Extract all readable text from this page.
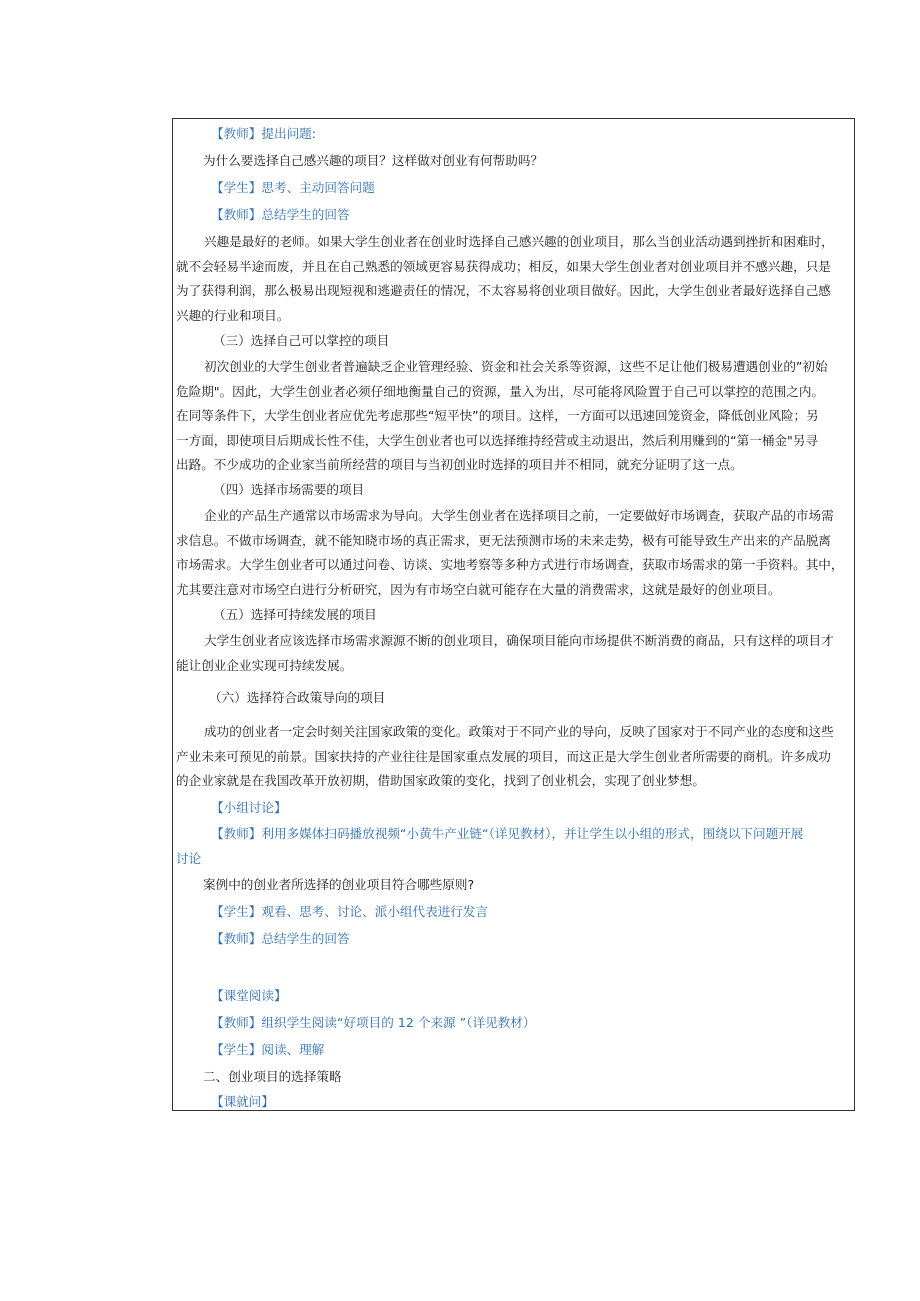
【教师】提出问题:
为什么要选择自己感兴趣的项目？这样做对创业有何帮助吗？
【学生】思考、主动回答问题
【教师】总结学生的回答
兴趣是最好的老师。如果大学生创业者在创业时选择自己感兴趣的创业项目，那么当创业活动遇到挫折和困难时，
就不会轻易半途而废，并且在自己熟悉的领域更容易获得成功；相反，如果大学生创业者对创业项目并不感兴趣，只是
为了获得利润，那么极易出现短视和逃避责任的情况，不太容易将创业项目做好。因此，大学生创业者最好选择自己感
兴趣的行业和项目。
（三）选择自己可以掌控的项目
初次创业的大学生创业者普遍缺乏企业管理经验、资金和社会关系等资源，这些不足让他们极易遭遇创业的”初始
危险期"。因此，大学生创业者必须仔细地衡量自己的资源，量入为出，尽可能将风险置于自己可以掌控的范围之内。
在同等条件下，大学生创业者应优先考虑那些“短平快”的项目。这样，一方面可以迅速回笼资金，降低创业风险；另
一方面，即使项目后期成长性不佳，大学生创业者也可以选择维持经营或主动退出，然后利用赚到的“第一桶金"另寻
出路。不少成功的企业家当前所经营的项目与当初创业时选择的项目并不相同，就充分证明了这一点。
（四）选择市场需要的项目
企业的产品生产通常以市场需求为导向。大学生创业者在选择项目之前，一定要做好市场调查，获取产品的市场需
求信息。不做市场调查，就不能知晓市场的真正需求，更无法预测市场的未来走势，极有可能导致生产出来的产品脱离
市场需求。大学生创业者可以通过问卷、访谈、实地考察等多种方式进行市场调查，获取市场需求的第一手资料。其中，
尤其要注意对市场空白进行分析研究，因为有市场空白就可能存在大量的消费需求，这就是最好的创业项目。
（五）选择可持续发展的项目
大学生创业者应该选择市场需求源源不断的创业项目，确保项目能向市场提供不断消费的商品，只有这样的项目才
能让创业企业实现可持续发展。
（六）选择符合政策导向的项目
成功的创业者一定会时刻关注国家政策的变化。政策对于不同产业的导向，反映了国家对于不同产业的态度和这些
产业未来可预见的前景。国家扶持的产业往往是国家重点发展的项目，而这正是大学生创业者所需要的商机。许多成功
的企业家就是在我国改革开放初期，借助国家政策的变化，找到了创业机会，实现了创业梦想。
【小组讨论】
【教师】利用多媒体扫码播放视频“小黄牛产业链“（详见教材），并让学生以小组的形式，围绕以下问题开展
讨论
案例中的创业者所选择的创业项目符合哪些原则?
【学生】观看、思考、讨论、派小组代表进行发言
【教师】总结学生的回答
【课堂阅读】
【教师】组织学生阅读“好项目的 12 个来源 ”（详见教材）
【学生】阅读、理解
二、创业项目的选择策略
【课就问】
